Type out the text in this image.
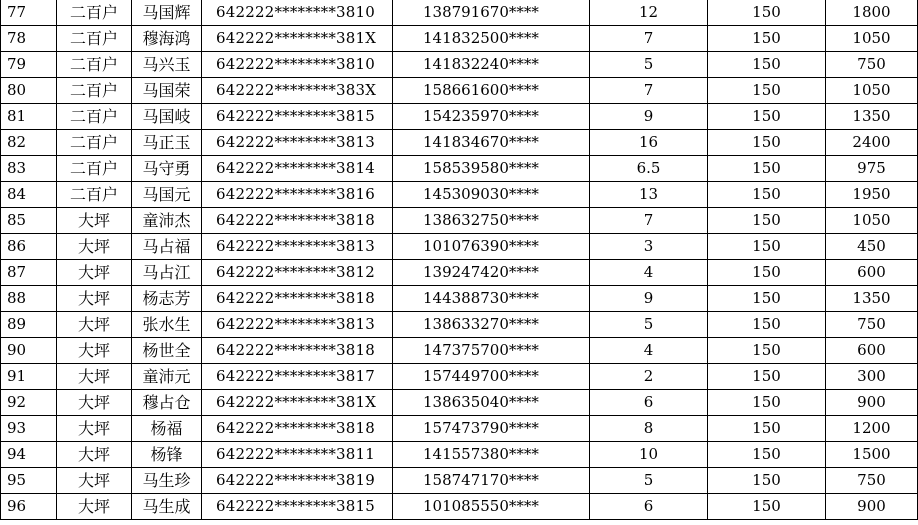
77	二百户	马国辉	642222********3810	138791670****	12	150	1800
78	二百户	穆海鸿	642222********381X	141832500****	7	150	1050
79	二百户	马兴玉	642222********3810	141832240****	5	150	750
80	二百户	马国荣	642222********383X	158661600****	7	150	1050
81	二百户	马国岐	642222********3815	154235970****	9	150	1350
82	二百户	马正玉	642222********3813	141834670****	16	150	2400
83	二百户	马守勇	642222********3814	158539580****	6.5	150	975
84	二百户	马国元	642222********3816	145309030****	13	150	1950
85	大坪	童沛杰	642222********3818	138632750****	7	150	1050
86	大坪	马占福	642222********3813	101076390****	3	150	450
87	大坪	马占江	642222********3812	139247420****	4	150	600
88	大坪	杨志芳	642222********3818	144388730****	9	150	1350
89	大坪	张水生	642222********3813	138633270****	5	150	750
90	大坪	杨世全	642222********3818	147375700****	4	150	600
91	大坪	童沛元	642222********3817	157449700****	2	150	300
92	大坪	穆占仓	642222********381X	138635040****	6	150	900
93	大坪	杨福	642222********3818	157473790****	8	150	1200
94	大坪	杨锋	642222********3811	141557380****	10	150	1500
95	大坪	马生珍	642222********3819	158747170****	5	150	750
96	大坪	马生成	642222********3815	101085550****	6	150	900
